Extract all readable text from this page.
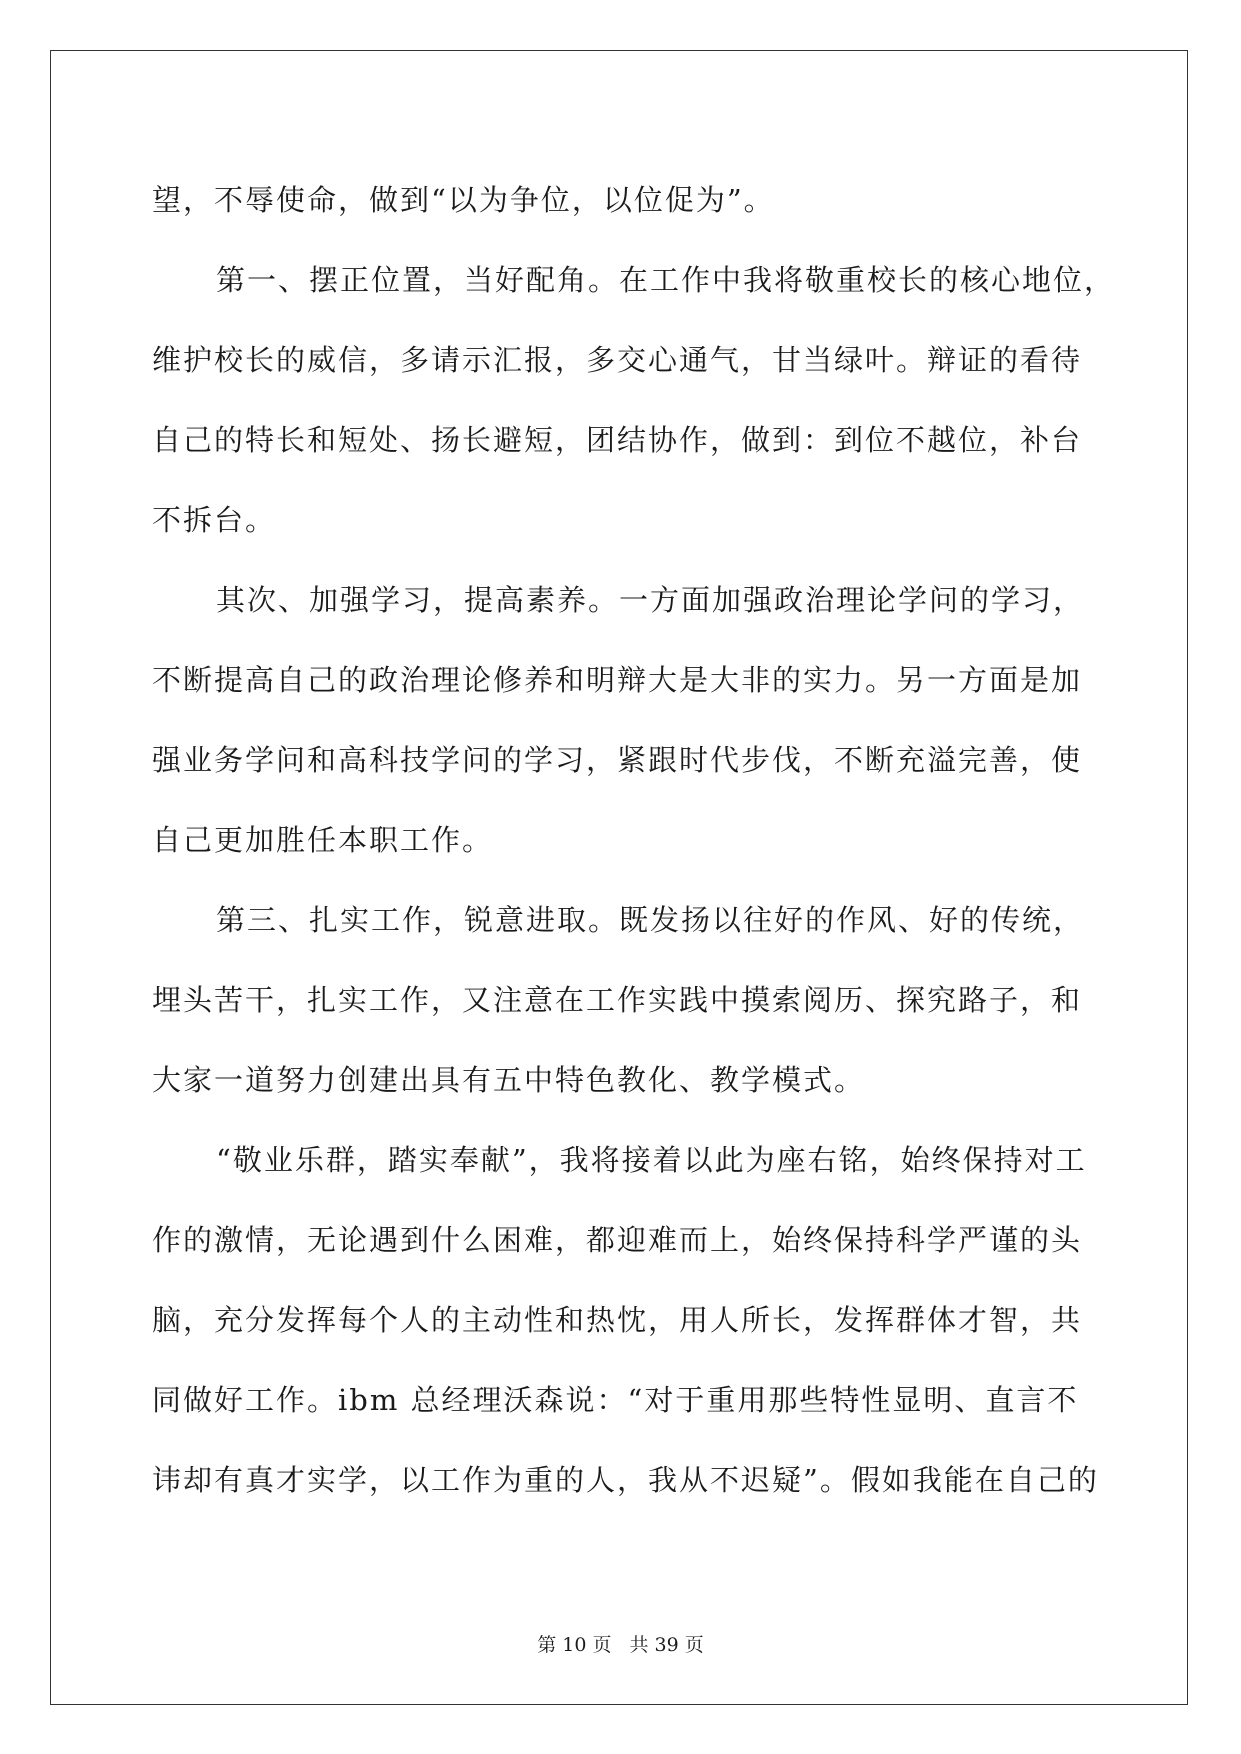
望，不辱使命，做到“以为争位，以位促为”。
第一、摆正位置，当好配角。在工作中我将敬重校长的核心地位，
维护校长的威信，多请示汇报，多交心通气，甘当绿叶。辩证的看待
自己的特长和短处、扬长避短，团结协作，做到：到位不越位，补台
不拆台。
其次、加强学习，提高素养。一方面加强政治理论学问的学习，
不断提高自己的政治理论修养和明辩大是大非的实力。另一方面是加
强业务学问和高科技学问的学习，紧跟时代步伐，不断充溢完善，使
自己更加胜任本职工作。
第三、扎实工作，锐意进取。既发扬以往好的作风、好的传统，
埋头苦干，扎实工作，又注意在工作实践中摸索阅历、探究路子，和
大家一道努力创建出具有五中特色教化、教学模式。
“敬业乐群，踏实奉献”，我将接着以此为座右铭，始终保持对工
作的激情，无论遇到什么困难，都迎难而上，始终保持科学严谨的头
脑，充分发挥每个人的主动性和热忱，用人所长，发挥群体才智，共
同做好工作。ibm 总经理沃森说：“对于重用那些特性显明、直言不
讳却有真才实学，以工作为重的人，我从不迟疑”。假如我能在自己的
第 10 页 共 39 页
